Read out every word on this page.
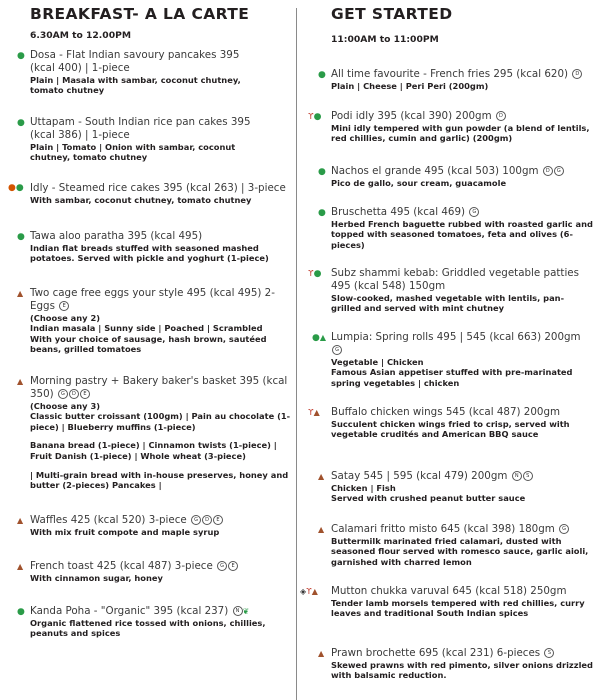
BREAKFAST- A LA CARTE
6.30AM to 12.00PM
● Dosa - Flat Indian savoury pancakes 395 (kcal 400) | 1-piece
Plain | Masala with sambar, coconut chutney, tomato chutney
● Uttapam - South Indian rice pan cakes 395 (kcal 386) | 1-piece
Plain | Tomato | Onion with sambar, coconut chutney, tomato chutney
●● Idly - Steamed rice cakes 395 (kcal 263) | 3-piece
With sambar, coconut chutney, tomato chutney
● Tawa aloo paratha 395 (kcal 495)
Indian flat breads stuffed with seasoned mashed potatoes. Served with pickle and yoghurt (1-piece)
▲ Two cage free eggs your style 495 (kcal 495) 2-Eggs E
(Choose any 2)
Indian masala | Sunny side | Poached | Scrambled
With your choice of sausage, hash brown, sautéed beans, grilled tomatoes
▲ Morning pastry + Bakery baker's basket 395 (kcal 350) G D E
(Choose any 3)
Classic butter croissant (100gm) | Pain au chocolate (1-piece) | Blueberry muffins (1-piece)
Banana bread (1-piece) | Cinnamon twists (1-piece) | Fruit Danish (1-piece) | Whole wheat (3-piece)
| Multi-grain bread with in-house preserves, honey and butter (2-pieces) Pancakes |
▲ Waffles 425 (kcal 520) 3-piece G D E
With mix fruit compote and maple syrup
▲ French toast 425 (kcal 487) 3-piece G E
With cinnamon sugar, honey
● Kanda Poha - "Organic" 395 (kcal 237) N ❦
Organic flattened rice tossed with onions, chillies, peanuts and spices
GET STARTED
11:00AM to 11:00PM
● All time favourite - French fries 295 (kcal 620) D
Plain | Cheese | Peri Peri (200gm)
ϒ● Podi idly 395 (kcal 390) 200gm D
Mini idly tempered with gun powder (a blend of lentils, red chillies, cumin and garlic) (200gm)
● Nachos el grande 495 (kcal 503) 100gm D G
Pico de gallo, sour cream, guacamole
● Bruschetta 495 (kcal 469) G
Herbed French baguette rubbed with roasted garlic and topped with seasoned tomatoes, feta and olives (6-pieces)
ϒ● Subz shammi kebab: Griddled vegetable patties 495 (kcal 548) 150gm
Slow-cooked, mashed vegetable with lentils, pan-grilled and served with mint chutney
●▲ Lumpia: Spring rolls 495 | 545 (kcal 663) 200gm G
Vegetable | Chicken
Famous Asian appetiser stuffed with pre-marinated spring vegetables | chicken
ϒ▲ Buffalo chicken wings 545 (kcal 487) 200gm
Succulent chicken wings fried to crisp, served with vegetable crudités and American BBQ sauce
▲ Satay 545 | 595 (kcal 479) 200gm N S
Chicken | Fish
Served with crushed peanut butter sauce
▲ Calamari fritto misto 645 (kcal 398) 180gm G
Buttermilk marinated fried calamari, dusted with seasoned flour served with romesco sauce, garlic aioli, garnished with charred lemon
◈ϒ▲ Mutton chukka varuval 645 (kcal 518) 250gm
Tender lamb morsels tempered with red chillies, curry leaves and traditional South Indian spices
▲ Prawn brochette 695 (kcal 231) 6-pieces S
Skewed prawns with red pimento, silver onions drizzled with balsamic reduction.
